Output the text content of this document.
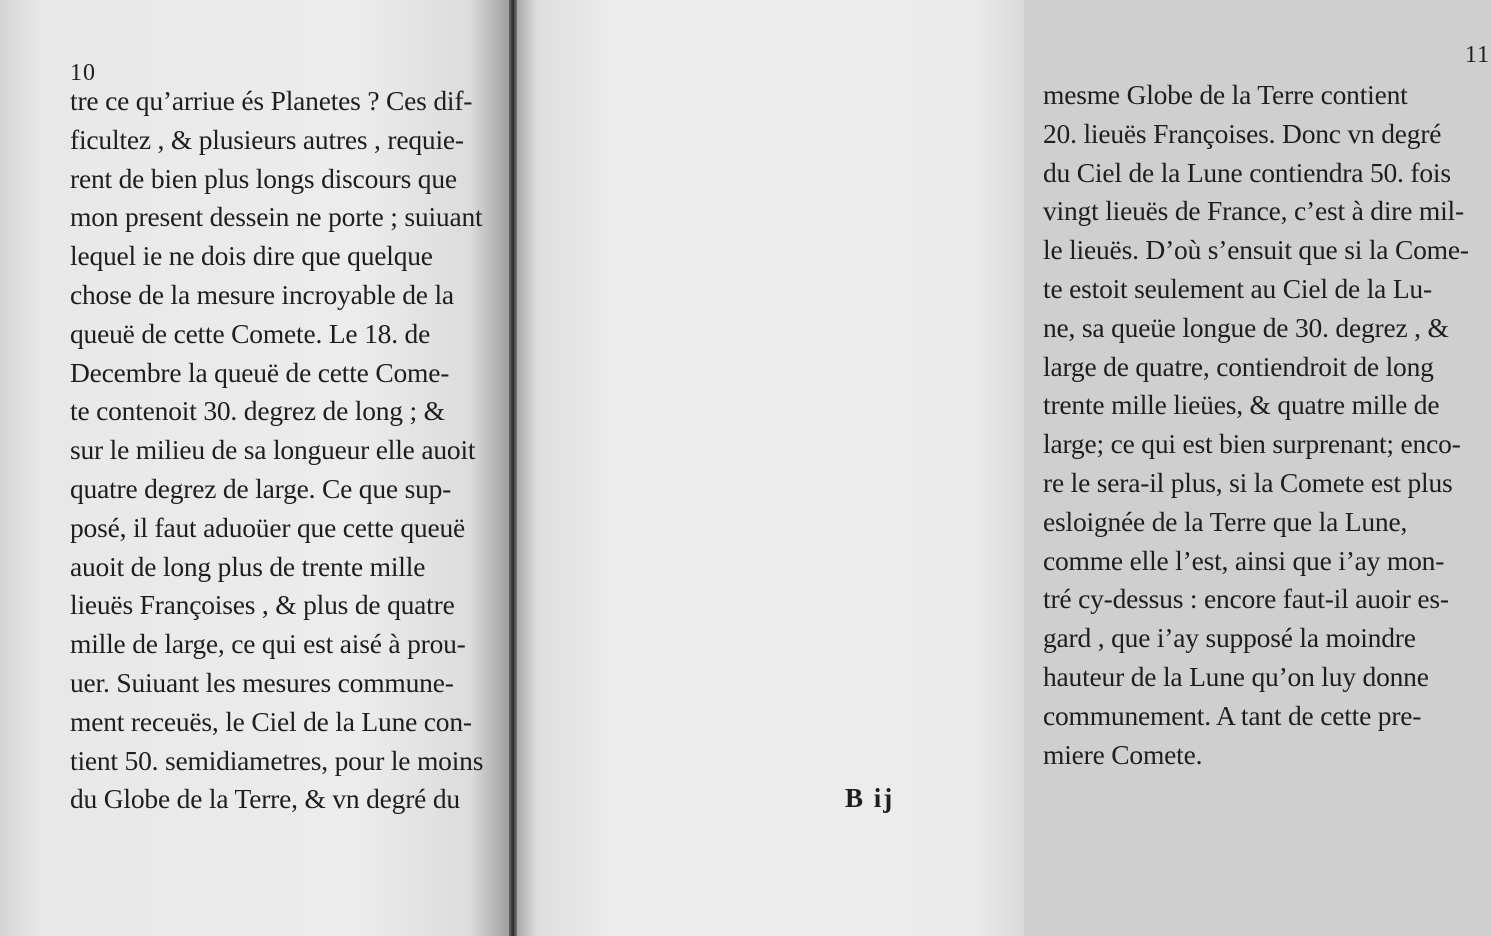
10
tre ce qu’arriue és Planetes ? Ces dif-
ficultez , & plusieurs autres , requie-
rent de bien plus longs discours que
mon present dessein ne porte ; suiuant
lequel ie ne dois dire que quelque
chose de la mesure incroyable de la
queuë de cette Comete. Le 18. de
Decembre la queuë de cette Come-
te contenoit 30. degrez de long ; &
sur le milieu de sa longueur elle auoit
quatre degrez de large. Ce que sup-
posé, il faut aduoüer que cette queuë
auoit de long plus de trente mille
lieuës Françoises , & plus de quatre
mille de large, ce qui est aisé à prou-
uer. Suiuant les mesures commune-
ment receuës, le Ciel de la Lune con-
tient 50. semidiametres, pour le moins
du Globe de la Terre, & vn degré du
11
mesme Globe de la Terre contient
20. lieuës Françoises. Donc vn degré
du Ciel de la Lune contiendra 50. fois
vingt lieuës de France, c’est à dire mil-
le lieuës. D’où s’ensuit que si la Come-
te estoit seulement au Ciel de la Lu-
ne, sa queüe longue de 30. degrez , &
large de quatre, contiendroit de long
trente mille lieües, & quatre mille de
large; ce qui est bien surprenant; enco-
re le sera-il plus, si la Comete est plus
esloignée de la Terre que la Lune,
comme elle l’est, ainsi que i’ay mon-
tré cy-dessus : encore faut-il auoir es-
gard , que i’ay supposé la moindre
hauteur de la Lune qu’on luy donne
communement. A tant de cette pre-
miere Comete.
B ij
